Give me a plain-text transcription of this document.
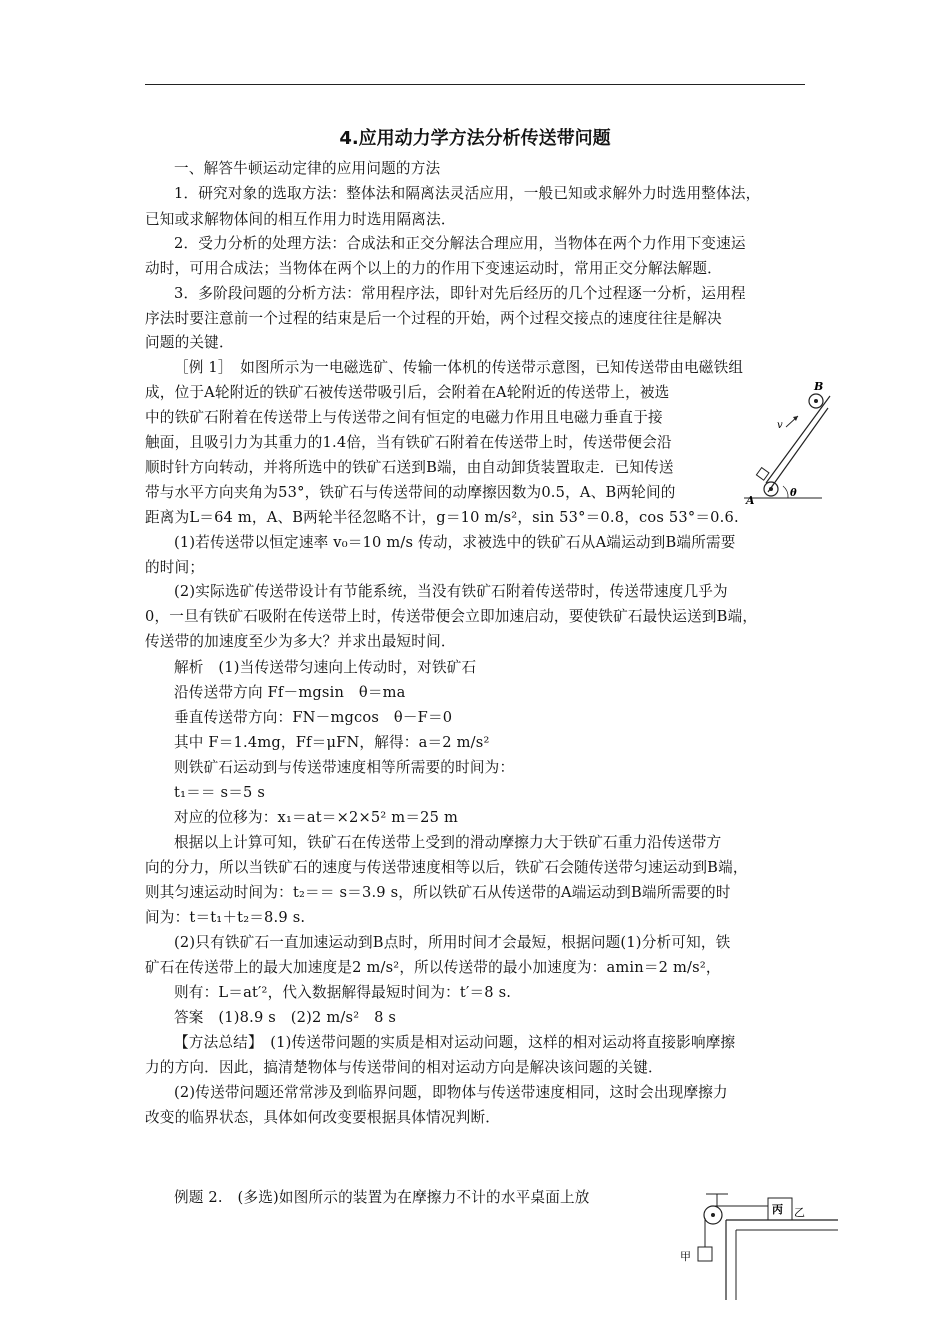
4.应用动力学方法分析传送带问题
一、解答牛顿运动定律的应用问题的方法
1．研究对象的选取方法：整体法和隔离法灵活应用，一般已知或求解外力时选用整体法，
已知或求解物体间的相互作用力时选用隔离法．
2．受力分析的处理方法：合成法和正交分解法合理应用，当物体在两个力作用下变速运
动时，可用合成法；当物体在两个以上的力的作用下变速运动时，常用正交分解法解题．
3．多阶段问题的分析方法：常用程序法，即针对先后经历的几个过程逐一分析，运用程
序法时要注意前一个过程的结束是后一个过程的开始，两个过程交接点的速度往往是解决
问题的关键．
［例 1］　如图所示为一电磁选矿、传输一体机的传送带示意图，已知传送带由电磁铁组
成，位于A轮附近的铁矿石被传送带吸引后，会附着在A轮附近的传送带上，被选
中的铁矿石附着在传送带上与传送带之间有恒定的电磁力作用且电磁力垂直于接
触面，且吸引力为其重力的1.4倍，当有铁矿石附着在传送带上时，传送带便会沿
顺时针方向转动，并将所选中的铁矿石送到B端，由自动卸货装置取走．已知传送
带与水平方向夹角为53°，铁矿石与传送带间的动摩擦因数为0.5，A、B两轮间的
距离为L＝64 m，A、B两轮半径忽略不计，g＝10 m/s²，sin 53°＝0.8，cos 53°＝0.6.
(1)若传送带以恒定速率 v₀＝10 m/s 传动，求被选中的铁矿石从A端运动到B端所需要
的时间；
(2)实际选矿传送带设计有节能系统，当没有铁矿石附着传送带时，传送带速度几乎为
0，一旦有铁矿石吸附在传送带上时，传送带便会立即加速启动，要使铁矿石最快运送到B端，
传送带的加速度至少为多大？并求出最短时间．
解析　(1)当传送带匀速向上传动时，对铁矿石
沿传送带方向 Ff－mgsin　θ＝ma
垂直传送带方向：FN－mgcos　θ－F＝0
其中 F＝1.4mg，Ff＝μFN，解得：a＝2 m/s²
则铁矿石运动到与传送带速度相等所需要的时间为：
t₁＝＝ s＝5 s
对应的位移为：x₁＝at＝×2×5² m＝25 m
根据以上计算可知，铁矿石在传送带上受到的滑动摩擦力大于铁矿石重力沿传送带方
向的分力，所以当铁矿石的速度与传送带速度相等以后，铁矿石会随传送带匀速运动到B端，
则其匀速运动时间为：t₂＝＝ s＝3.9 s，所以铁矿石从传送带的A端运动到B端所需要的时
间为：t＝t₁＋t₂＝8.9 s.
(2)只有铁矿石一直加速运动到B点时，所用时间才会最短，根据问题(1)分析可知，铁
矿石在传送带上的最大加速度是2 m/s²，所以传送带的最小加速度为：amin＝2 m/s²，
则有：L＝at′²，代入数据解得最短时间为：t′＝8 s.
答案　(1)8.9 s　(2)2 m/s²　8 s
【方法总结】　(1)传送带问题的实质是相对运动问题，这样的相对运动将直接影响摩擦
力的方向．因此，搞清楚物体与传送带间的相对运动方向是解决该问题的关键．
(2)传送带问题还常常涉及到临界问题，即物体与传送带速度相同，这时会出现摩擦力
改变的临界状态，具体如何改变要根据具体情况判断．
例题 2.　(多选)如图所示的装置为在摩擦力不计的水平桌面上放
A
B
v
θ
丙 乙
甲
